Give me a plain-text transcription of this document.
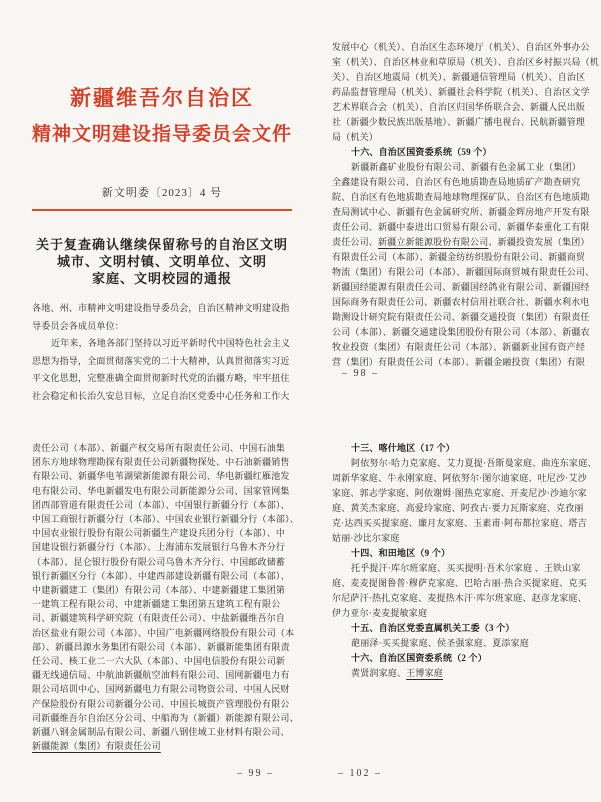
新疆维吾尔自治区
精神文明建设指导委员会文件
新文明委〔2023〕4 号
关于复查确认继续保留称号的自治区文明
城市、文明村镇、文明单位、文明
家庭、文明校园的通报
各地、州、市精神文明建设指导委员会，自治区精神文明建设指
导委员会各成员单位：
近年来，各地各部门坚持以习近平新时代中国特色社会主义
思想为指导，全面贯彻落实党的二十大精神，认真贯彻落实习近
平文化思想，完整准确全面贯彻新时代党的治疆方略，牢牢扭住
社会稳定和长治久安总目标，立足自治区党委中心任务和工作大
发展中心（机关）、自治区生态环境厅（机关）、自治区外事办公
室（机关）、自治区林业和草原局（机关）、自治区乡村振兴局（机
关）、自治区地震局（机关）、新疆通信管理局（机关）、自治区
药品监督管理局（机关）、新疆社会科学院（机关）、自治区文学
艺术界联合会（机关）、自治区归国华侨联合会、新疆人民出版
社（新疆少数民族出版基地）、新疆广播电视台、民航新疆管理
局（机关）
十六、自治区国资委系统（59 个）
新疆新鑫矿业股份有限公司、新疆有色金属工业（集团）
全鑫建设有限公司、自治区有色地质勘查局地质矿产勘查研究
院、自治区有色地质勘查局地球物理探矿队、自治区有色地质勘
查局测试中心、新疆有色金属研究所、新疆金辉房地产开发有限
责任公司、新疆中泰进出口贸易有限公司、新疆华泰重化工有限
责任公司、新疆立新能源股份有限公司、新疆投资发展（集团）
有限责任公司（本部）、新疆金纺纺织股份有限公司、新疆商贸
物流（集团）有限公司（本部）、新疆国际商贸城有限责任公司、
新疆国经能源有限责任公司、新疆国经鸽业有限公司、新疆国经
国际商务有限责任公司、新疆农村信用社联合社、新疆水利水电
勘测设计研究院有限责任公司、新疆交通投资（集团）有限责任
公司（本部）、新疆交通建设集团股份有限公司（本部）、新疆农
牧业投资（集团）有限责任公司（本部）、新疆新业国有资产经
营（集团）有限责任公司（本部）、新疆金融投资（集团）有限
– 98 –
责任公司（本部）、新疆产权交易所有限责任公司、中国石油集
团东方地球物理勘探有限责任公司新疆物探处、中石油新疆销售
有限公司、新疆华电苇湖梁新能源有限公司、华电新疆红雁池发
电有限公司、华电新疆发电有限公司新能源分公司、国家管网集
团西部管道有限责任公司（本部）、中国银行新疆分行（本部）、
中国工商银行新疆分行（本部）、中国农业银行新疆分行（本部）、
中国农业银行股份有限公司新疆生产建设兵团分行（本部）、中
国建设银行新疆分行（本部）、上海浦东发展银行乌鲁木齐分行
（本部）、昆仑银行股份有限公司乌鲁木齐分行、中国邮政储蓄
银行新疆区分行（本部）、中建西部建设新疆有限公司（本部）、
中建新疆建工（集团）有限公司（本部）、中建新疆建工集团第
一建筑工程有限公司、中建新疆建工集团第五建筑工程有限公
司、新疆建筑科学研究院（有限责任公司）、中盐新疆维吾尔自
治区盐业有限公司（本部）、中国广电新疆网络股份有限公司（本
部）、新疆昌源水务集团有限公司（本部）、新疆新能集团有限责
任公司、核工业二一六大队（本部）、中国电信股份有限公司新
疆无线通信局、中航油新疆航空油料有限公司、国网新疆电力有
限公司培训中心、国网新疆电力有限公司物资公司、中国人民财
产保险股份有限公司新疆分公司、中国长城资产管理股份有限公
司新疆维吾尔自治区分公司、中船海为（新疆）新能源有限公司、
新疆八钢金属制品有限公司、新疆八钢佳域工业材料有限公司、
新疆能源（集团）有限责任公司
– 99 –
十三、喀什地区（17 个）
阿依努尔·哈力克家庭、艾力夏提·吾斯曼家庭、曲连东家庭、
周新华家庭、牛永刚家庭、阿依努尔·图尔迪家庭、吐尼沙·艾沙
家庭、郭志学家庭、阿依谢姆·图热克家庭、开麦尼沙·沙迪尔家
庭、黄芙杰家庭、高爱玲家庭、阿孜古·要力瓦斯家庭、克孜丽
克·达西买买提家庭、廉月友家庭、玉素甫·阿布都拉家庭、塔吉
姑丽·沙比尔家庭
十四、和田地区（9 个）
托乎提汗·库尔班家庭、买买提明·吾术尔家庭 、王铁山家
庭、麦麦提图鲁普·穆萨克家庭、巴哈古丽·热合买提家庭、克买
尔尼萨汗·热扎克家庭、麦提热木汗·库尔班家庭、赵彦龙家庭、
伊力亚尔·麦麦提敏家庭
十五、自治区党委直属机关工委（3 个）
葩丽泽·买买提家庭、侯圣强家庭、夏添家庭
十六、自治区国资委系统（2 个）
黄贤润家庭、王博家庭
– 102 –
